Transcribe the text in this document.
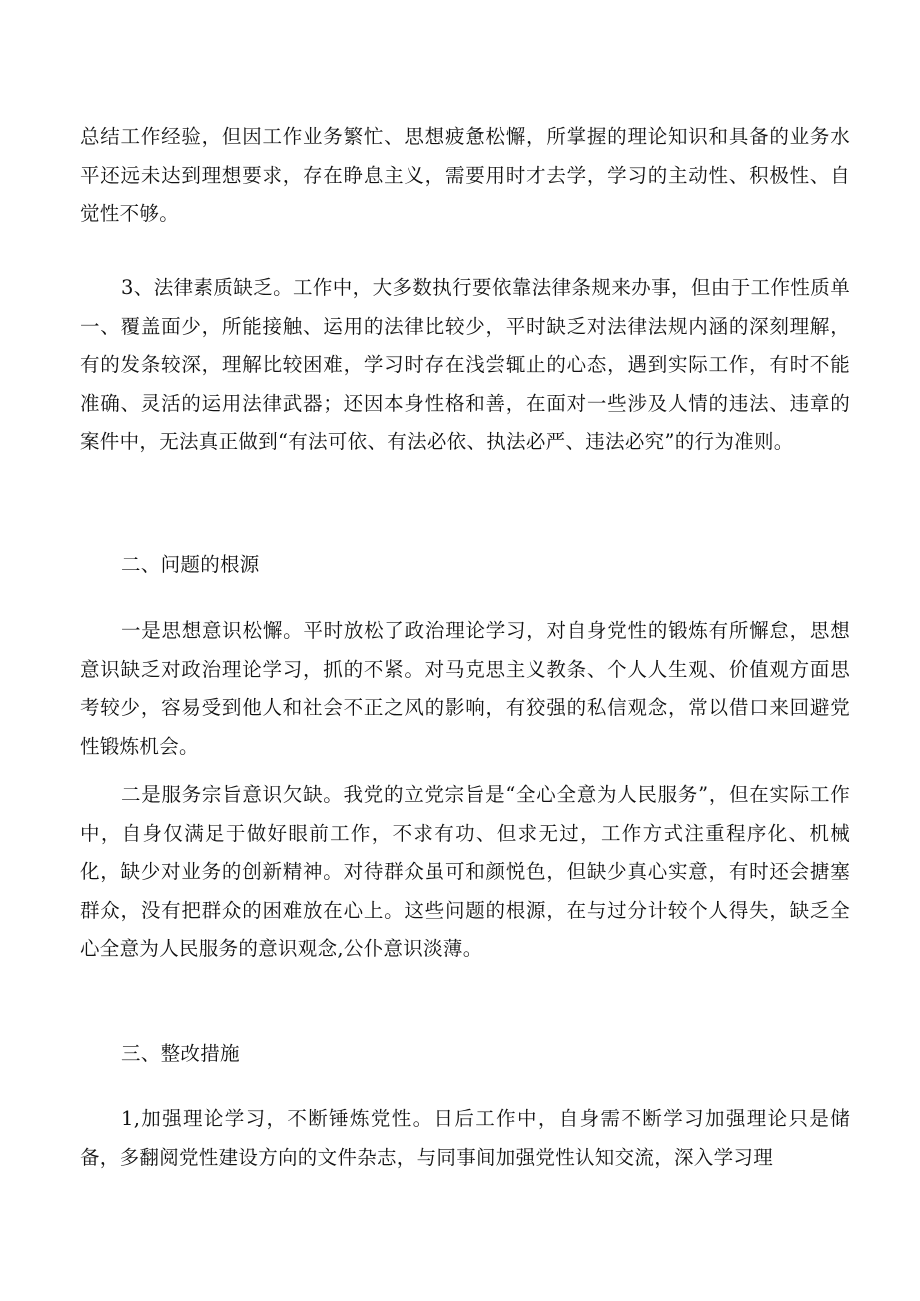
总结工作经验，但因工作业务繁忙、思想疲惫松懈，所掌握的理论知识和具备的业务水平还远未达到理想要求，存在睁息主义，需要用时才去学，学习的主动性、积极性、自觉性不够。

3、法律素质缺乏。工作中，大多数执行要依靠法律条规来办事，但由于工作性质单一、覆盖面少，所能接触、运用的法律比较少，平时缺乏对法律法规内涵的深刻理解，有的发条较深，理解比较困难，学习时存在浅尝辄止的心态，遇到实际工作，有时不能准确、灵活的运用法律武器；还因本身性格和善，在面对一些涉及人情的违法、违章的案件中，无法真正做到“有法可依、有法必依、执法必严、违法必究”的行为准则。

二、问题的根源

一是思想意识松懈。平时放松了政治理论学习，对自身党性的锻炼有所懈怠，思想意识缺乏对政治理论学习，抓的不紧。对马克思主义教条、个人人生观、价值观方面思考较少，容易受到他人和社会不正之风的影响，有狡强的私信观念，常以借口来回避党性锻炼机会。

二是服务宗旨意识欠缺。我党的立党宗旨是“全心全意为人民服务”，但在实际工作中，自身仅满足于做好眼前工作，不求有功、但求无过，工作方式注重程序化、机械化，缺少对业务的创新精神。对待群众虽可和颜悦色，但缺少真心实意，有时还会搪塞群众，没有把群众的困难放在心上。这些问题的根源，在与过分计较个人得失，缺乏全心全意为人民服务的意识观念,公仆意识淡薄。

三、整改措施

1,加强理论学习，不断锤炼党性。日后工作中，自身需不断学习加强理论只是储备，多翻阅党性建设方向的文件杂志，与同事间加强党性认知交流，深入学习理
